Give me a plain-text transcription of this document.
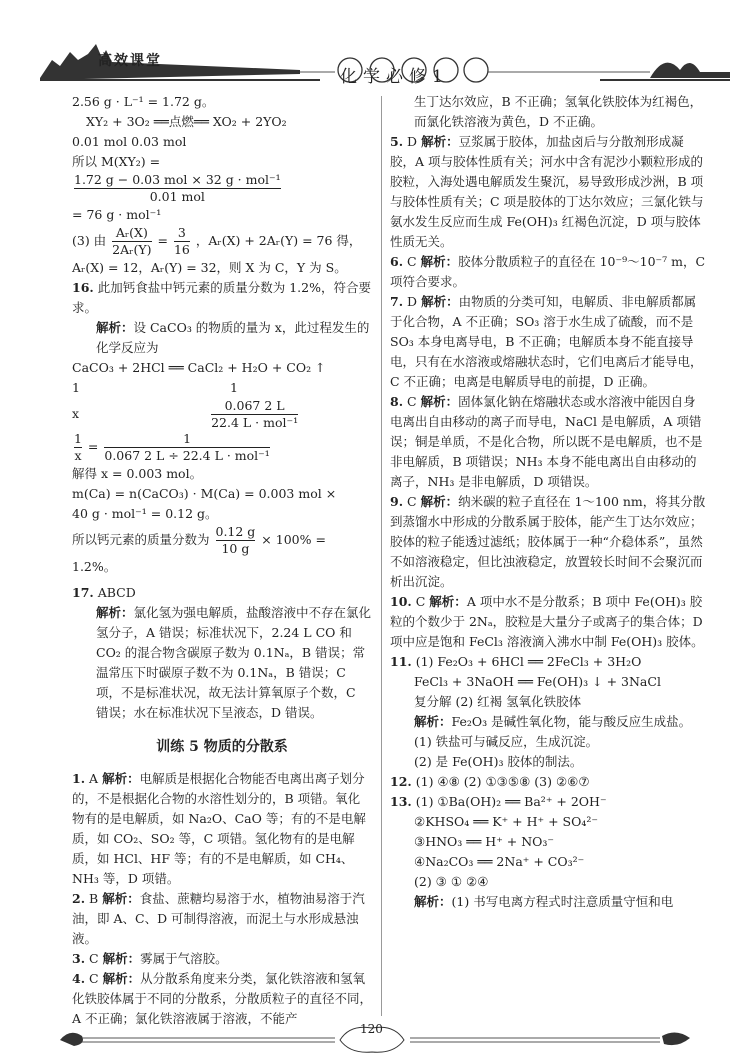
高效课堂
化学必修1

2.56 g · L⁻¹ = 1.72 g。

XY₂ + 3O₂ ══点燃══ XO₂ + 2YO₂

0.01 mol 0.03 mol

所以 M(XY₂) =
$\frac{\text{1.72 g − 0.03 mol × 32 g · mol⁻¹}}{\text{0.01 mol}}$

= 76 g · mol⁻¹

(3) 由 $\frac{\text{Aᵣ(X)}}{\text{2Aᵣ(Y)}} = \frac{3}{16}$ ，Aᵣ(X) + 2Aᵣ(Y) = 76 得，

Aᵣ(X) = 12，Aᵣ(Y) = 32，则 X 为 C，Y 为 S。

16. 此加钙食盐中钙元素的质量分数为 1.2%，符合要求。

解析：设 CaCO₃ 的物质的量为 x，此过程发生的化学反应为

CaCO₃ + 2HCl ══ CaCl₂ + H₂O + CO₂ ↑

1	1

x	$\frac{0.067 2 L}{\text{22.4 L · mol⁻¹}}$

$\frac{1}{x} = \frac{1}{\text{0.067 2 L ÷ 22.4 L · mol⁻¹}}$

解得 x = 0.003 mol。

m(Ca) = n(CaCO₃) · M(Ca) = 0.003 mol ×

40 g · mol⁻¹ = 0.12 g。

所以钙元素的质量分数为 $\frac{0.12 g}{10 g} \times 100\% = 1.2\%$。

17. ABCD

解析：氯化氢为强电解质，盐酸溶液中不存在氯化氢分子，A 错误；标准状况下，2.24 L CO 和 CO₂ 的混合物含碳原子数为 0.1Nₐ，B 错误；常温常压下时碳原子数不为 0.1Nₐ，B 错误；C 项，不是标准状况，故无法计算氧原子个数，C 错误；水在标准状况下呈液态，D 错误。

训练 5 物质的分散系

1. A 解析：电解质是根据化合物能否电离出离子划分的，不是根据化合物的水溶性划分的，B 项错。氧化物有的是电解质，如 Na₂O、CaO 等；有的不是电解质，如 CO₂、SO₂ 等，C 项错。氢化物有的是电解质，如 HCl、HF 等；有的不是电解质，如 CH₄、NH₃ 等，D 项错。

2. B 解析：食盐、蔗糖均易溶于水，植物油易溶于汽油，即 A、C、D 可制得溶液，而泥土与水形成悬浊液。

3. C 解析：雾属于气溶胶。

4. C 解析：从分散系角度来分类，氯化铁溶液和氢氧化铁胶体属于不同的分散系，分散质粒子的直径不同，A 不正确；氯化铁溶液属于溶液，不能产

生丁达尔效应，B 不正确；氢氧化铁胶体为红褐色，而氯化铁溶液为黄色，D 不正确。

5. D 解析：豆浆属于胶体，加盐卤后与分散剂形成凝胶，A 项与胶体性质有关；河水中含有泥沙小颗粒形成的胶粒，入海处遇电解质发生聚沉，易导致形成沙洲，B 项与胶体性质有关；C 项是胶体的丁达尔效应；三氯化铁与氨水发生反应而生成 Fe(OH)₃ 红褐色沉淀，D 项与胶体性质无关。

6. C 解析：胶体分散质粒子的直径在 10⁻⁹～10⁻⁷ m，C 项符合要求。

7. D 解析：由物质的分类可知，电解质、非电解质都属于化合物，A 不正确；SO₃ 溶于水生成了硫酸，而不是 SO₃ 本身电离导电，B 不正确；电解质本身不能直接导电，只有在水溶液或熔融状态时，它们电离后才能导电，C 不正确；电离是电解质导电的前提，D 正确。

8. C 解析：固体氯化钠在熔融状态或水溶液中能因自身电离出自由移动的离子而导电，NaCl 是电解质，A 项错误；铜是单质，不是化合物，所以既不是电解质，也不是非电解质，B 项错误；NH₃ 本身不能电离出自由移动的离子，NH₃ 是非电解质，D 项错误。

9. C 解析：纳米碳的粒子直径在 1～100 nm，将其分散到蒸馏水中形成的分散系属于胶体，能产生丁达尔效应；胶体的粒子能透过滤纸；胶体属于一种“介稳体系”，虽然不如溶液稳定，但比浊液稳定，放置较长时间不会聚沉而析出沉淀。

10. C 解析：A 项中水不是分散系；B 项中 Fe(OH)₃ 胶粒的个数少于 2Nₐ，胶粒是大量分子或离子的集合体；D 项中应是饱和 FeCl₃ 溶液滴入沸水中制 Fe(OH)₃ 胶体。

11. (1) Fe₂O₃ + 6HCl ══ 2FeCl₃ + 3H₂O

FeCl₃ + 3NaOH ══ Fe(OH)₃ ↓ + 3NaCl

复分解 (2) 红褐 氢氧化铁胶体

解析：Fe₂O₃ 是碱性氧化物，能与酸反应生成盐。

(1) 铁盐可与碱反应，生成沉淀。

(2) 是 Fe(OH)₃ 胶体的制法。

12. (1) ④⑧ (2) ①③⑤⑧ (3) ②⑥⑦

13. (1) ①Ba(OH)₂ ══ Ba²⁺ + 2OH⁻

②KHSO₄ ══ K⁺ + H⁺ + SO₄²⁻

③HNO₃ ══ H⁺ + NO₃⁻

④Na₂CO₃ ══ 2Na⁺ + CO₃²⁻

(2) ③ ① ②④

解析：(1) 书写电离方程式时注意质量守恒和电

120
